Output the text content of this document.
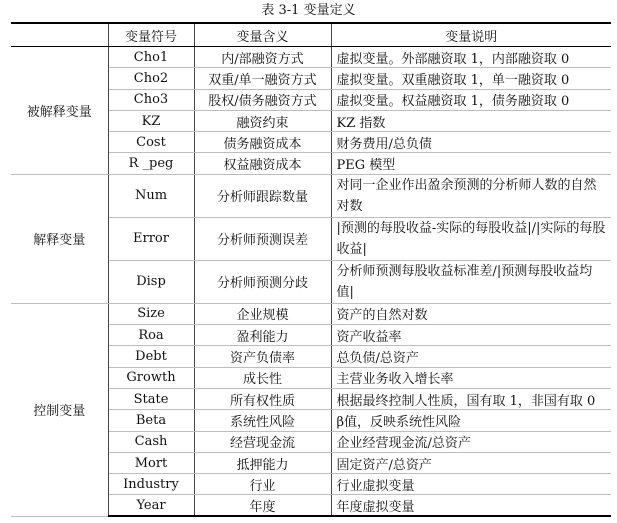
表 3-1 变量定义
	变量符号	变量含义	变量说明
被解释变量	Cho1	内/部融资方式	虚拟变量。外部融资取 1，内部融资取 0
	Cho2	双重/单一融资方式	虚拟变量。双重融资取 1，单一融资取 0
	Cho3	股权/债务融资方式	虚拟变量。权益融资取 1，债务融资取 0
	KZ	融资约束	KZ 指数
	Cost	债务融资成本	财务费用/总负债
	R _peg	权益融资成本	PEG 模型
解释变量	Num	分析师跟踪数量	对同一企业作出盈余预测的分析师人数的自然对数
	Error	分析师预测误差	|预测的每股收益-实际的每股收益|/|实际的每股收益|
	Disp	分析师预测分歧	分析师预测每股收益标准差/|预测每股收益均值|
控制变量	Size	企业规模	资产的自然对数
	Roa	盈利能力	资产收益率
	Debt	资产负债率	总负债/总资产
	Growth	成长性	主营业务收入增长率
	State	所有权性质	根据最终控制人性质，国有取 1，非国有取 0
	Beta	系统性风险	β值，反映系统性风险
	Cash	经营现金流	企业经营现金流/总资产
	Mort	抵押能力	固定资产/总资产
	Industry	行业	行业虚拟变量
	Year	年度	年度虚拟变量
